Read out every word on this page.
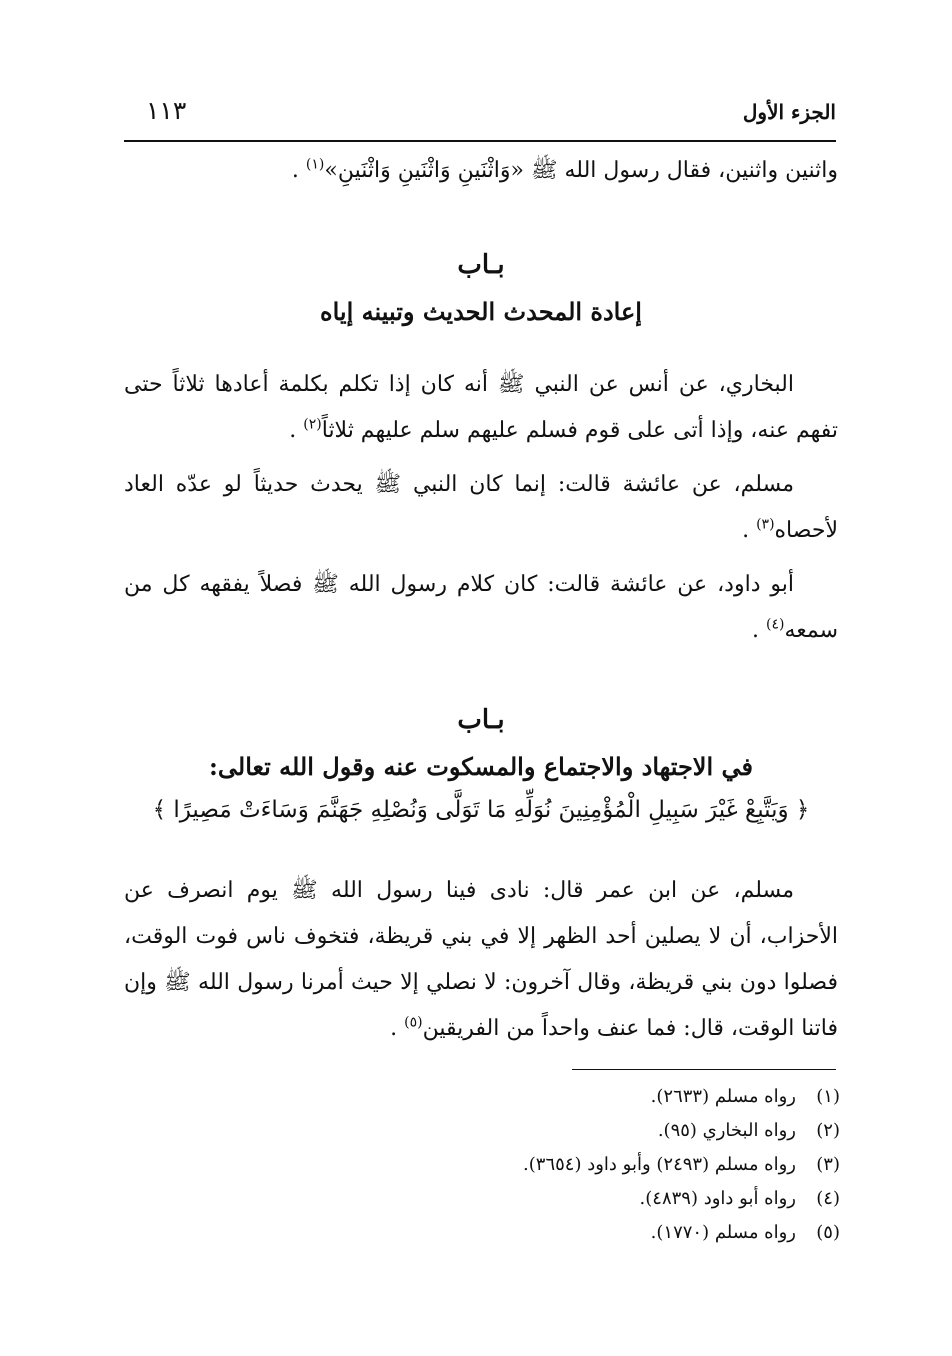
الجزء الأول
١١٣
واثنين واثنين، فقال رسول الله ﷺ «وَاثْنَينِ وَاثْنَينِ وَاثْنَينِ»$^{(١)}$ .
بـاب
إعادة المحدث الحديث وتبينه إياه
البخاري، عن أنس عن النبي ﷺ أنه كان إذا تكلم بكلمة أعادها ثلاثاً حتى تفهم عنه، وإذا أتى على قوم فسلم عليهم سلم عليهم ثلاثاً$^{(٢)}$ .
مسلم، عن عائشة قالت: إنما كان النبي ﷺ يحدث حديثاً لو عدّه العاد لأحصاه$^{(٣)}$ .
أبو داود، عن عائشة قالت: كان كلام رسول الله ﷺ فصلاً يفقهه كل من سمعه$^{(٤)}$ .
بـاب
في الاجتهاد والاجتماع والمسكوت عنه وقول الله تعالى:
﴿ وَيَتَّبِعْ غَيْرَ سَبِيلِ الْمُؤْمِنِينَ نُوَلِّهِ مَا تَوَلَّى وَنُصْلِهِ جَهَنَّمَ وَسَاءَتْ مَصِيرًا ﴾
مسلم، عن ابن عمر قال: نادى فينا رسول الله ﷺ يوم انصرف عن الأحزاب، أن لا يصلين أحد الظهر إلا في بني قريظة، فتخوف ناس فوت الوقت، فصلوا دون بني قريظة، وقال آخرون: لا نصلي إلا حيث أمرنا رسول الله ﷺ وإن فاتنا الوقت، قال: فما عنف واحداً من الفريقين$^{(٥)}$ .
(١)رواه مسلم (٢٦٣٣).
(٢)رواه البخاري (٩٥).
(٣)رواه مسلم (٢٤٩٣) وأبو داود (٣٦٥٤).
(٤)رواه أبو داود (٤٨٣٩).
(٥)رواه مسلم (١٧٧٠).
